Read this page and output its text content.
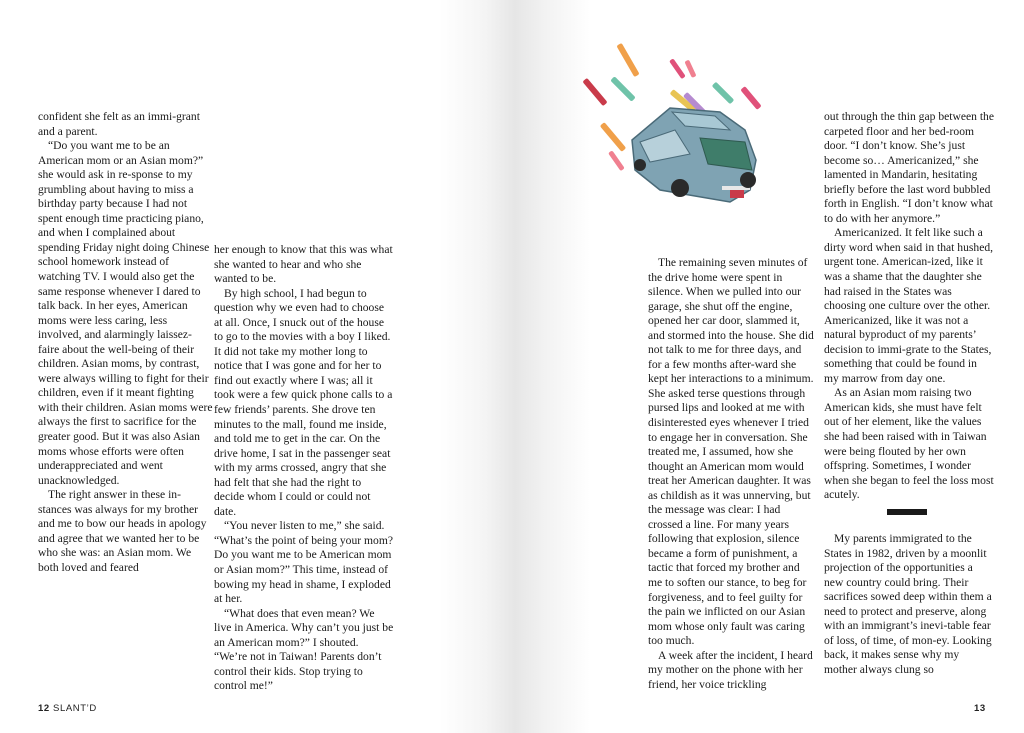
confident she felt as an immi-grant and a parent.

“Do you want me to be an American mom or an Asian mom?” she would ask in re-sponse to my grumbling about having to miss a birthday party because I had not spent enough time practicing piano, and when I complained about spending Friday night doing Chinese school homework instead of watching TV. I would also get the same response whenever I dared to talk back. In her eyes, American moms were less caring, less involved, and alarmingly laissez-faire about the well-being of their children. Asian moms, by contrast, were always willing to fight for their children, even if it meant fighting with their children. Asian moms were always the first to sacrifice for the greater good. But it was also Asian moms whose efforts were often underappreciated and went unacknowledged.

The right answer in these in-stances was always for my brother and me to bow our heads in apology and agree that we wanted her to be who she was: an Asian mom. We both loved and feared

her enough to know that this was what she wanted to hear and who she wanted to be.

By high school, I had begun to question why we even had to choose at all. Once, I snuck out of the house to go to the movies with a boy I liked. It did not take my mother long to notice that I was gone and for her to find out exactly where I was; all it took were a few quick phone calls to a few friends’ parents. She drove ten minutes to the mall, found me inside, and told me to get in the car. On the drive home, I sat in the passenger seat with my arms crossed, angry that she had felt that she had the right to decide whom I could or could not date.

“You never listen to me,” she said. “What’s the point of being your mom? Do you want me to be American mom or Asian mom?” This time, instead of bowing my head in shame, I exploded at her.

“What does that even mean? We live in America. Why can’t you just be an American mom?” I shouted. “We’re not in Taiwan! Parents don’t control their kids. Stop trying to control me!”

12 SLANT’D

The remaining seven minutes of the drive home were spent in silence. When we pulled into our garage, she shut off the engine, opened her car door, slammed it, and stormed into the house. She did not talk to me for three days, and for a few months after-ward she kept her interactions to a minimum. She asked terse questions through pursed lips and looked at me with disinterested eyes whenever I tried to engage her in conversation. She treated me, I assumed, how she thought an American mom would treat her American daughter. It was as childish as it was unnerving, but the message was clear: I had crossed a line. For many years following that explosion, silence became a form of punishment, a tactic that forced my brother and me to soften our stance, to beg for forgiveness, and to feel guilty for the pain we inflicted on our Asian mom whose only fault was caring too much.

A week after the incident, I heard my mother on the phone with her friend, her voice trickling

out through the thin gap between the carpeted floor and her bed-room door. “I don’t know. She’s just become so… Americanized,” she lamented in Mandarin, hesitating briefly before the last word bubbled forth in English. “I don’t know what to do with her anymore.”

Americanized. It felt like such a dirty word when said in that hushed, urgent tone. American-ized, like it was a shame that the daughter she had raised in the States was choosing one culture over the other. Americanized, like it was not a natural byproduct of my parents’ decision to immi-grate to the States, something that could be found in my marrow from day one.

As an Asian mom raising two American kids, she must have felt out of her element, like the values she had been raised with in Taiwan were being flouted by her own offspring. Sometimes, I wonder when she began to feel the loss most acutely.

My parents immigrated to the States in 1982, driven by a moonlit projection of the opportunities a new country could bring. Their sacrifices sowed deep within them a need to protect and preserve, along with an immigrant’s inevi-table fear of loss, of time, of mon-ey. Looking back, it makes sense why my mother always clung so

13
